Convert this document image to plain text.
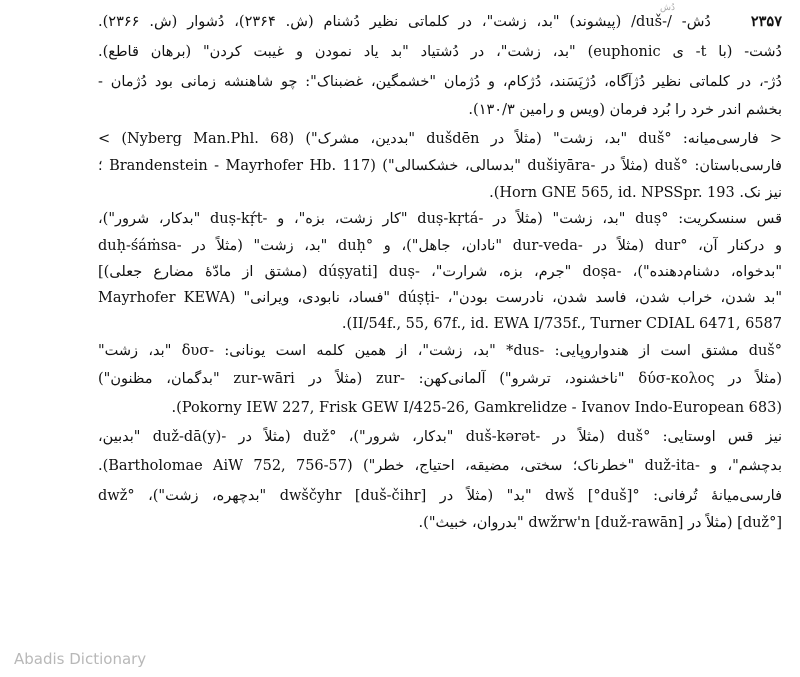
دُش
۲۳۵۷دُش- /-duš/ (پیشوند) "بد، زشت"، در کلماتی نظیر دُشنام (ش. ۲۳۶۴)، دُشوار (ش. ۲۳۶۶).
دُشت- (با t- ی euphonic) "بد، زشت"، در دُشتیاد "بد یاد نمودن و غیبت کردن" (برهان قاطع).
دُژ-، در کلماتی نظیر دُژآگاه، دُژپَسَند، دُژکام، و دُژمان "خشمگین، غضبناک": چو شاهنشه زمانی بود دُژمان -
بخشم اندر خرد را بُرد فرمان (ویس و رامین ۱۳۰/۳).
< فارسی‌میانه: °duš "بد، زشت" (مثلاً در dušdēn "بددین، مشرک") (Nyberg Man.Phl. 68) >
فارسی‌باستان: °duš (مثلاً در -dušiyāra "بدسالی، خشکسالی") (Brandenstein - Mayrhofer Hb. 117 ؛
نیز نک. Horn GNE 565, id. NPSSpr. 193).
قس سنسکریت: °duṣ "بد، زشت" (مثلاً در -duṣ-kṛtá "کار زشت، بزه"، و -duṣ-kṛ́t "بدکار، شرور")،
و درکنار آن، °dur (مثلاً در -dur-veda "نادان، جاهل")، و °duḥ "بد، زشت" (مثلاً در -duḥ-śáṁsa
"بدخواه، دشنام‌دهنده")، -doṣa "جرم، بزه، شرارت"، -duṣ [dúṣyati (مشتق از مادّهٔ مضارع جعلی)]
"بد شدن، خراب شدن، فاسد شدن، نادرست بودن"، -dúṣṭi "فساد، نابودی، ویرانی" (Mayrhofer KEWA
II/54f., 55, 67f., id. EWA I/735f., Turner CDIAL 6471, 6587).
°duš مشتق است از هندواروپایی: -dus* "بد، زشت"، از همین کلمه است یونانی: -δυσ "بد، زشت"
(مثلاً در δύσ-κολος "ناخشنود، ترشرو") آلمانی‌کهن: -zur (مثلاً در zur-wāri "بدگمان، مظنون")
(Pokorny IEW 227, Frisk GEW I/425-26, Gamkrelidze - Ivanov Indo-European 683).
نیز قس اوستایی: °duš (مثلاً در -duš-kərət "بدکار، شرور")، °duž (مثلاً در -duž-dā(y) "بدبین،
بدچشم"، و -duž-ita "خطرناک؛ سختی، مضیقه، احتیاج، خطر") (Bartholomae AiW 752, 756-57).
فارسی‌میانهٔ تُرفانی: °dwš [°duš] "بد" (مثلاً در dwščyhr [duš-čihr] "بدچهره، زشت")، °dwž
[°duž] (مثلاً در dwžrw'n [duž-rawān] "بدروان، خبیث").
Abadis Dictionary
